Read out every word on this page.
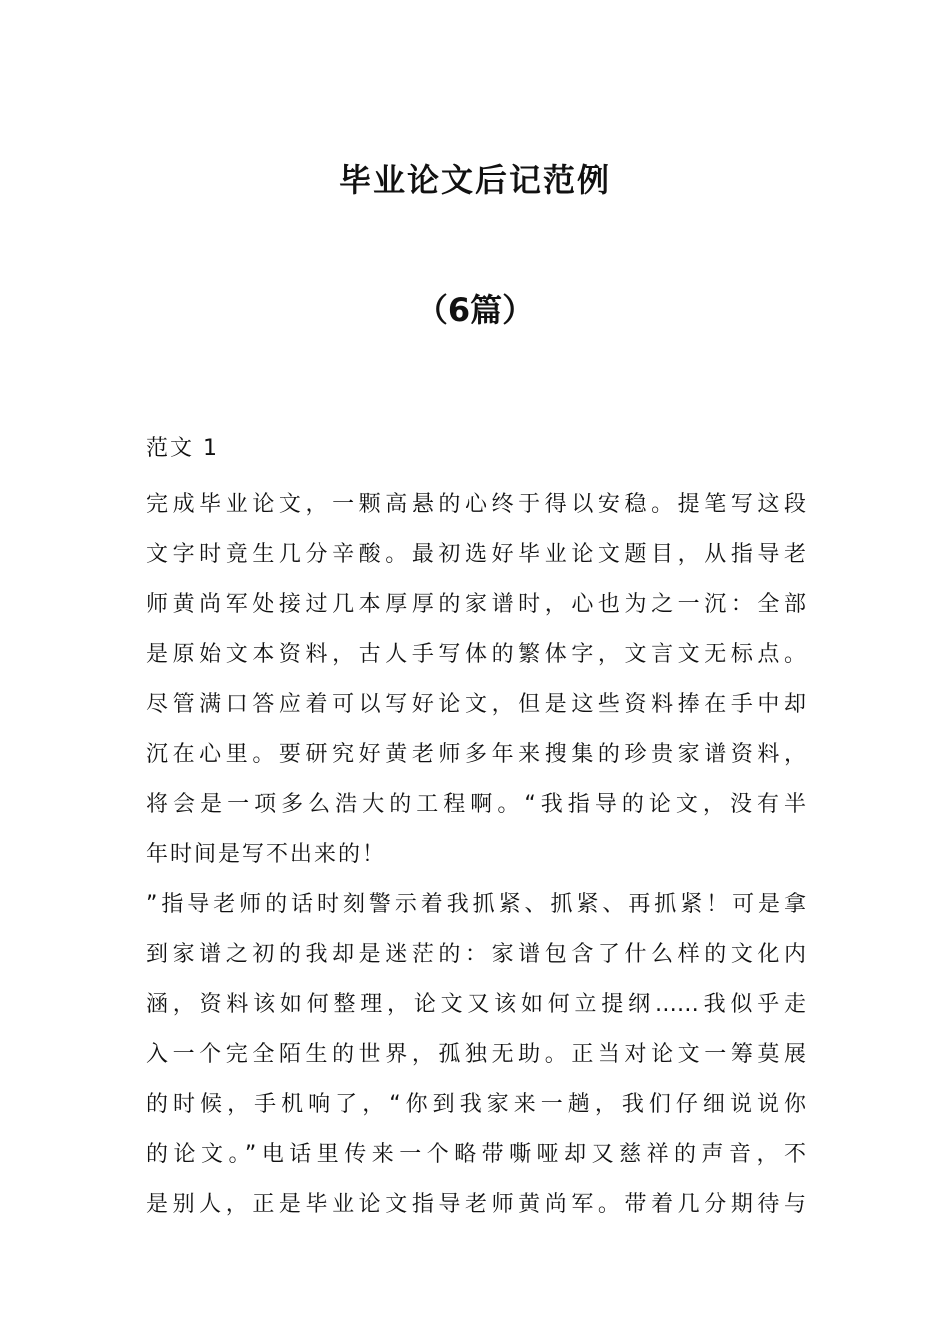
毕业论文后记范例
（6篇）
范文 1
完成毕业论文，一颗高悬的心终于得以安稳。提笔写这段
文字时竟生几分辛酸。最初选好毕业论文题目，从指导老
师黄尚军处接过几本厚厚的家谱时，心也为之一沉：全部
是原始文本资料，古人手写体的繁体字，文言文无标点。
尽管满口答应着可以写好论文，但是这些资料捧在手中却
沉在心里。要研究好黄老师多年来搜集的珍贵家谱资料，
将会是一项多么浩大的工程啊。“我指导的论文，没有半
年时间是写不出来的！
”指导老师的话时刻警示着我抓紧、抓紧、再抓紧！可是拿
到家谱之初的我却是迷茫的：家谱包含了什么样的文化内
涵，资料该如何整理，论文又该如何立提纲……我似乎走
入一个完全陌生的世界，孤独无助。正当对论文一筹莫展
的时候，手机响了，“你到我家来一趟，我们仔细说说你
的论文。”电话里传来一个略带嘶哑却又慈祥的声音，不
是别人，正是毕业论文指导老师黄尚军。带着几分期待与
